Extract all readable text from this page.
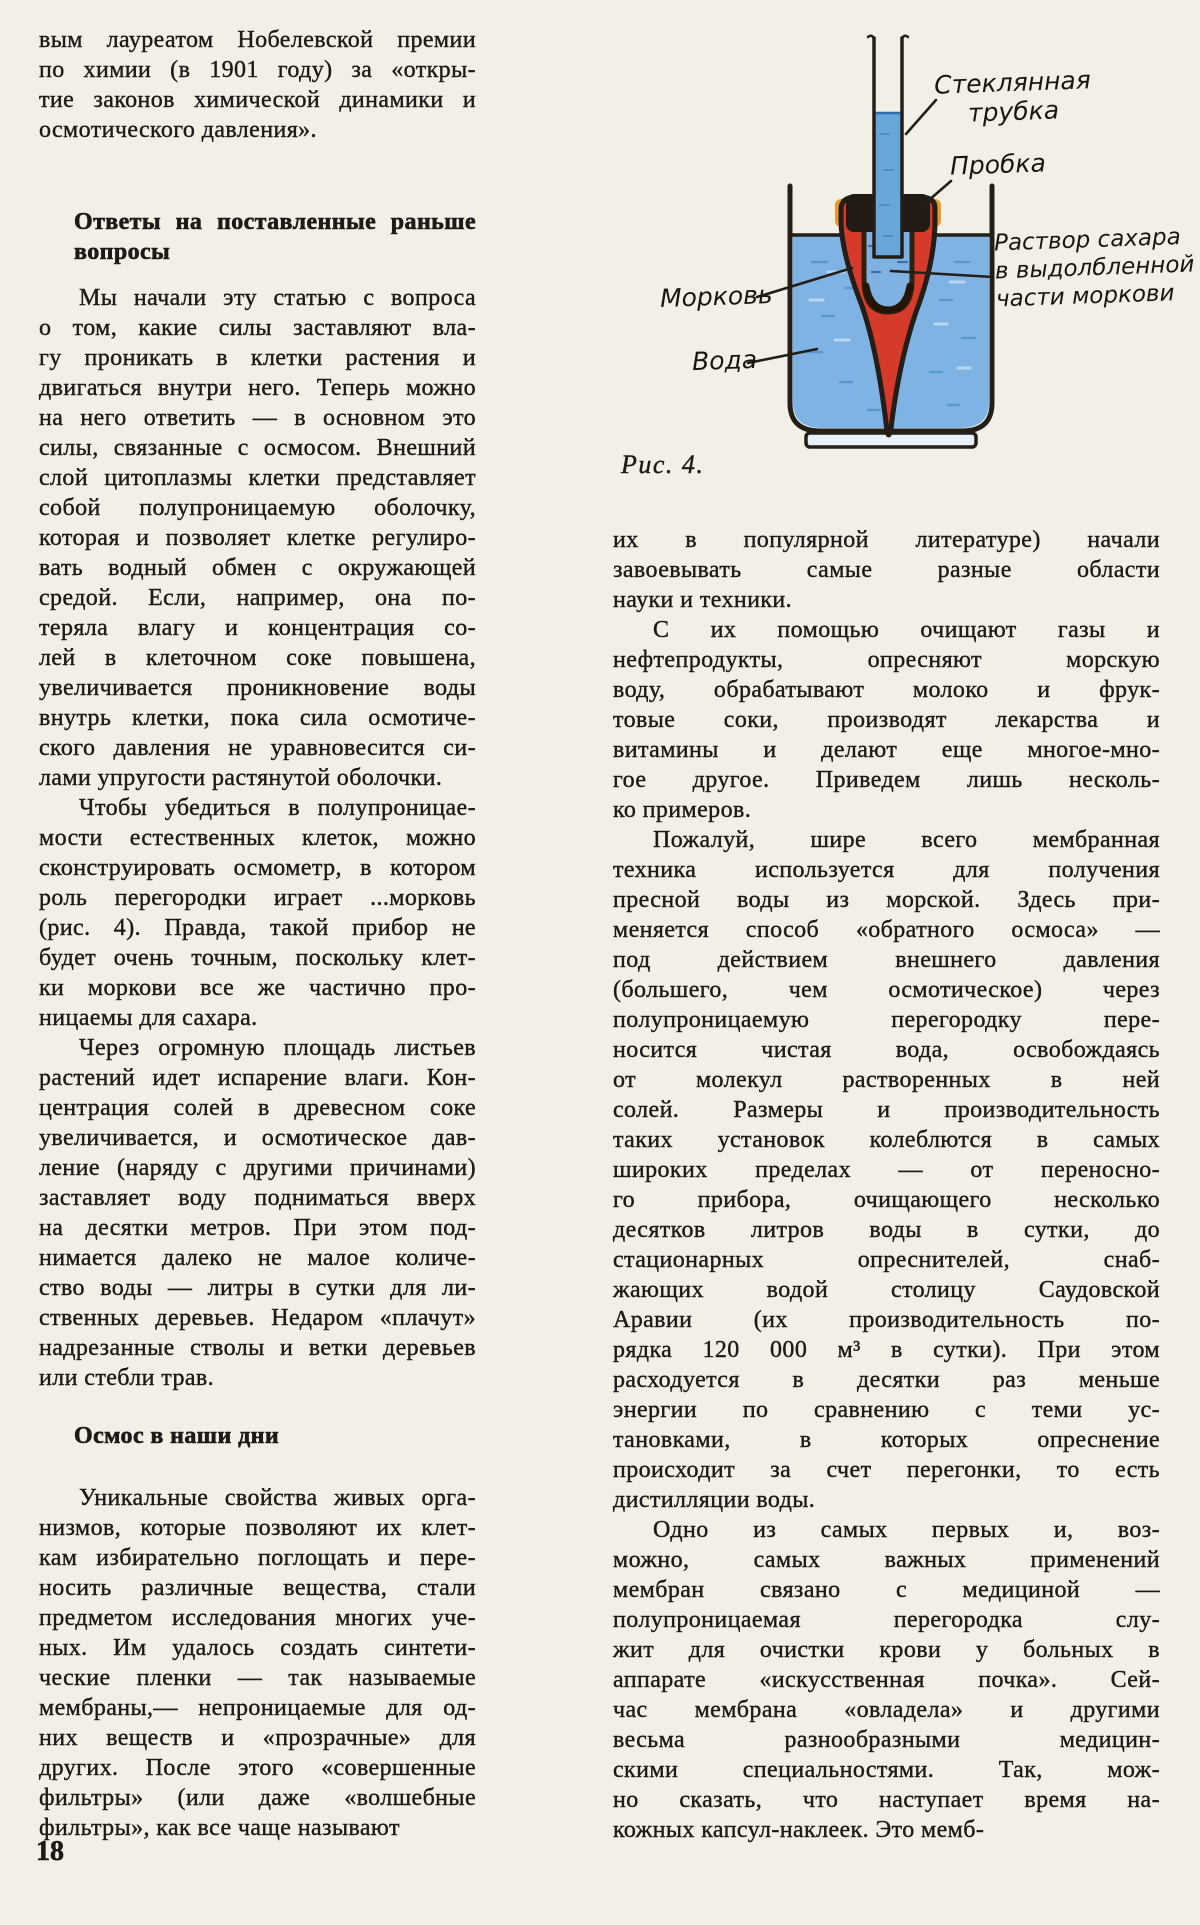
вым лауреатом Нобелевской премии
по химии (в 1901 году) за «откры-
тие законов химической динамики и
осмотического давления».
Ответы на поставленные раньше
вопросы
Мы начали эту статью с вопроса
о том, какие силы заставляют вла-
гу проникать в клетки растения и
двигаться внутри него. Теперь можно
на него ответить — в основном это
силы, связанные с осмосом. Внешний
слой цитоплазмы клетки представляет
собой полупроницаемую оболочку,
которая и позволяет клетке регулиро-
вать водный обмен с окружающей
средой. Если, например, она по-
теряла влагу и концентрация со-
лей в клеточном соке повышена,
увеличивается проникновение воды
внутрь клетки, пока сила осмотиче-
ского давления не уравновесится си-
лами упругости растянутой оболочки.
Чтобы убедиться в полупроницае-
мости естественных клеток, можно
сконструировать осмометр, в котором
роль перегородки играет ...морковь
(рис. 4). Правда, такой прибор не
будет очень точным, поскольку клет-
ки моркови все же частично про-
ницаемы для сахара.
Через огромную площадь листьев
растений идет испарение влаги. Кон-
центрация солей в древесном соке
увеличивается, и осмотическое дав-
ление (наряду с другими причинами)
заставляет воду подниматься вверх
на десятки метров. При этом под-
нимается далеко не малое количе-
ство воды — литры в сутки для ли-
ственных деревьев. Недаром «плачут»
надрезанные стволы и ветки деревьев
или стебли трав.
Осмос в наши дни
Уникальные свойства живых орга-
низмов, которые позволяют их клет-
кам избирательно поглощать и пере-
носить различные вещества, стали
предметом исследования многих уче-
ных. Им удалось создать синтети-
ческие пленки — так называемые
мембраны,— непроницаемые для од-
них веществ и «прозрачные» для
других. После этого «совершенные
фильтры» (или даже «волшебные
фильтры», как все чаще называют
Стеклянная
трубка
Пробка
Раствор сахара
в выдолбленной
части моркови
Морковь
Вода
Рис. 4.
их в популярной литературе) начали
завоевывать самые разные области
науки и техники.
С их помощью очищают газы и
нефтепродукты, опресняют морскую
воду, обрабатывают молоко и фрук-
товые соки, производят лекарства и
витамины и делают еще многое-мно-
гое другое. Приведем лишь несколь-
ко примеров.
Пожалуй, шире всего мембранная
техника используется для получения
пресной воды из морской. Здесь при-
меняется способ «обратного осмоса» —
под действием внешнего давления
(большего, чем осмотическое) через
полупроницаемую перегородку пере-
носится чистая вода, освобождаясь
от молекул растворенных в ней
солей. Размеры и производительность
таких установок колеблются в самых
широких пределах — от переносно-
го прибора, очищающего несколько
десятков литров воды в сутки, до
стационарных опреснителей, снаб-
жающих водой столицу Саудовской
Аравии (их производительность по-
рядка 120 000 м³ в сутки). При этом
расходуется в десятки раз меньше
энергии по сравнению с теми ус-
тановками, в которых опреснение
происходит за счет перегонки, то есть
дистилляции воды.
Одно из самых первых и, воз-
можно, самых важных применений
мембран связано с медициной —
полупроницаемая перегородка слу-
жит для очистки крови у больных в
аппарате «искусственная почка». Сей-
час мембрана «овладела» и другими
весьма разнообразными медицин-
скими специальностями. Так, мож-
но сказать, что наступает время на-
кожных капсул-наклеек. Это мемб-
18
